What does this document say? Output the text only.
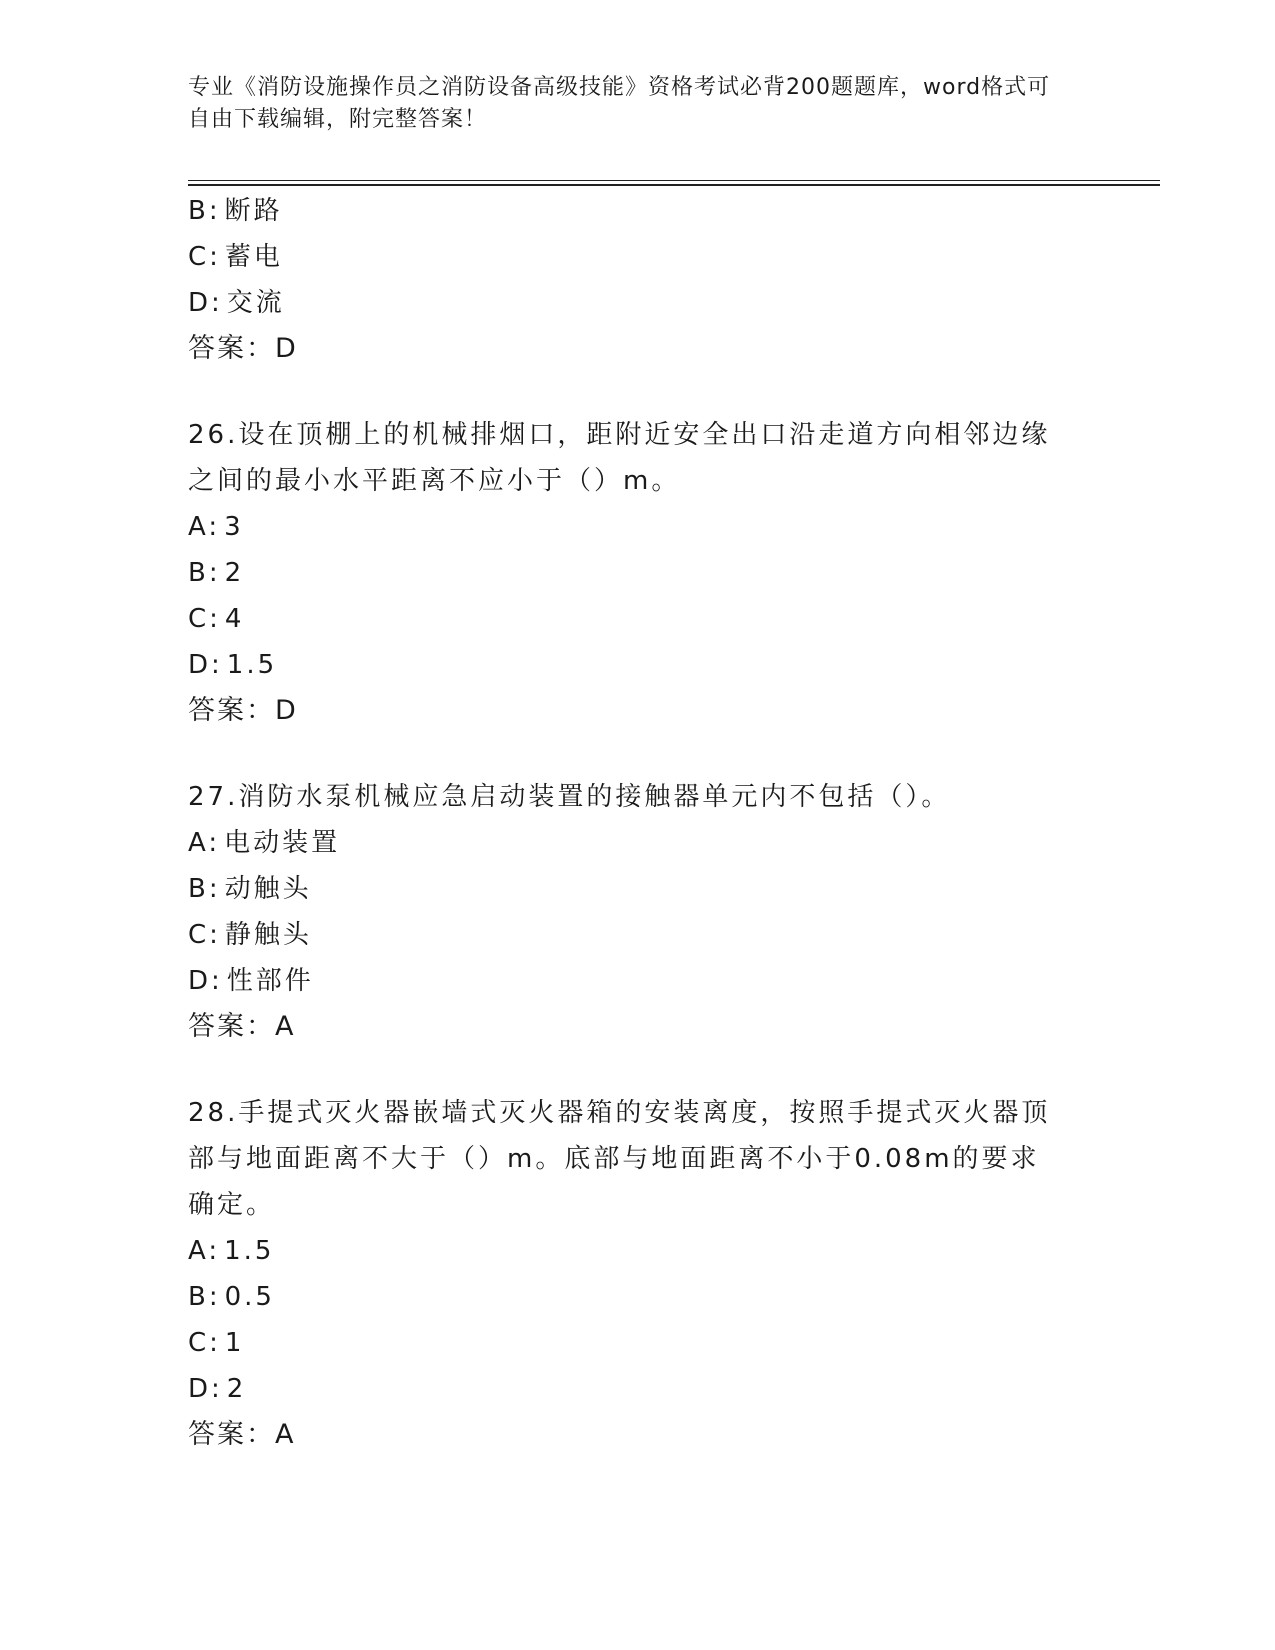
专业《消防设施操作员之消防设备高级技能》资格考试必背200题题库，word格式可自由下载编辑，附完整答案！
B: 断路
C: 蓄电
D: 交流
答案：D
26.设在顶棚上的机械排烟口，距附近安全出口沿走道方向相邻边缘之间的最小水平距离不应小于（）m。
A: 3
B: 2
C: 4
D: 1.5
答案：D
27.消防水泵机械应急启动装置的接触器单元内不包括（）。
A: 电动装置
B: 动触头
C: 静触头
D: 性部件
答案：A
28.手提式灭火器嵌墙式灭火器箱的安装离度，按照手提式灭火器顶部与地面距离不大于（）m。底部与地面距离不小于0.08m的要求确定。
A: 1.5
B: 0.5
C: 1
D: 2
答案：A
